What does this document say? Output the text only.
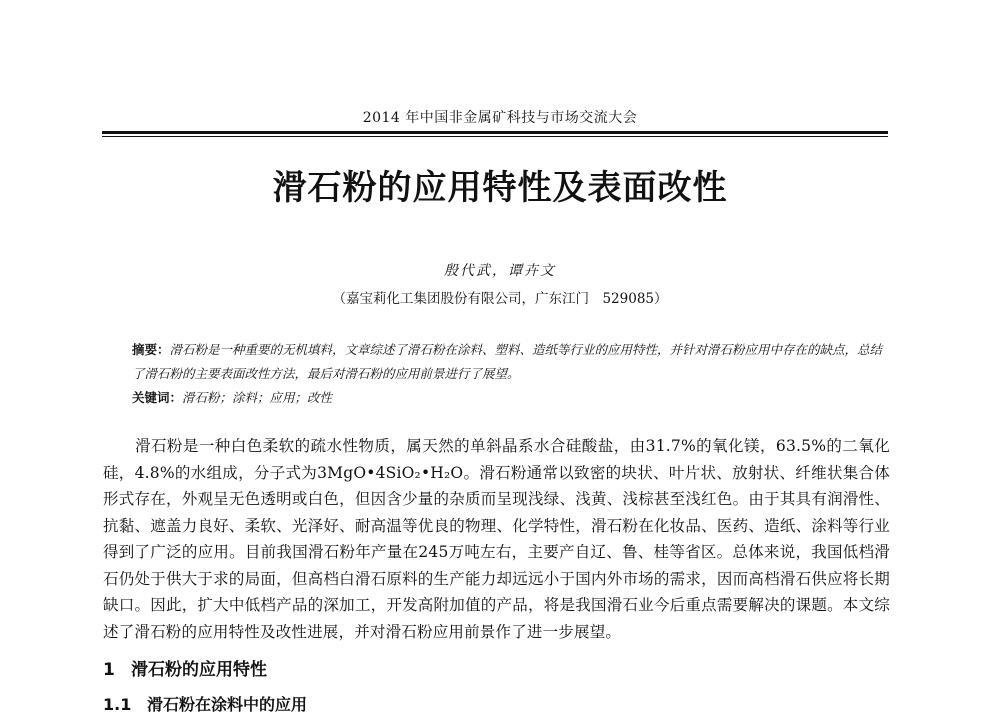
2014 年中国非金属矿科技与市场交流大会
滑石粉的应用特性及表面改性
殷代武，谭卉文
（嘉宝莉化工集团股份有限公司，广东江门　529085）
摘要：滑石粉是一种重要的无机填料，文章综述了滑石粉在涂料、塑料、造纸等行业的应用特性，并针对滑石粉应用中存在的缺点，总结了滑石粉的主要表面改性方法，最后对滑石粉的应用前景进行了展望。
关键词：滑石粉；涂料；应用；改性
滑石粉是一种白色柔软的疏水性物质，属天然的单斜晶系水合硅酸盐，由31.7%的氧化镁，63.5%的二氧化硅，4.8%的水组成，分子式为3MgO•4SiO₂•H₂O。滑石粉通常以致密的块状、叶片状、放射状、纤维状集合体形式存在，外观呈无色透明或白色，但因含少量的杂质而呈现浅绿、浅黄、浅棕甚至浅红色。由于其具有润滑性、抗黏、遮盖力良好、柔软、光泽好、耐高温等优良的物理、化学特性，滑石粉在化妆品、医药、造纸、涂料等行业得到了广泛的应用。目前我国滑石粉年产量在245万吨左右，主要产自辽、鲁、桂等省区。总体来说，我国低档滑石仍处于供大于求的局面，但高档白滑石原料的生产能力却远远小于国内外市场的需求，因而高档滑石供应将长期缺口。因此，扩大中低档产品的深加工，开发高附加值的产品，将是我国滑石业今后重点需要解决的课题。本文综述了滑石粉的应用特性及改性进展，并对滑石粉应用前景作了进一步展望。
1 滑石粉的应用特性
1.1 滑石粉在涂料中的应用
